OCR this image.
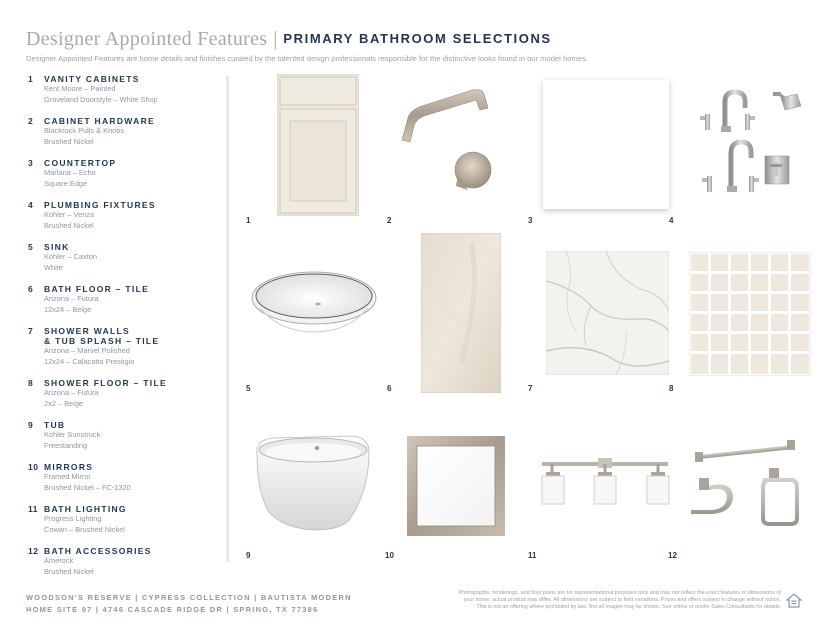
Designer Appointed Features | PRIMARY BATHROOM SELECTIONS
Designer Appointed Features are home details and finishes curated by the talented design professionals responsible for the distinctive looks found in our model homes.
1	VANITY CABINETS
Kent Moore – Painted
Groveland Doorstyle – White Shoji
2	CABINET HARDWARE
Blackrock Pulls & Knobs
Brushed Nickel
3	COUNTERTOP
Marlana – Echo
Square Edge
4	PLUMBING FIXTURES
Kohler – Venza
Brushed Nickel
5	SINK
Kohler – Caxton
White
6	BATH FLOOR – TILE
Arizona – Futura
12x24 – Beige
7	SHOWER WALLS
& TUB SPLASH – TILE
Arizona – Marvel Polished
12x24 – Calacatta Prestigio
8	SHOWER FLOOR – TILE
Arizona – Futura
2x2 – Beige
9	TUB
Kohler Sunstruck
Freestanding
10 MIRRORS
Framed Mirror
Brushed Nickel – FC-1320
11 BATH LIGHTING
Progress Lighting
Cowan – Brushed Nickel
12 BATH ACCESSORIES
Amerock
Brushed Nickel
1	2	3	4
5	6	7	8
9	10	11	12
WOODSON'S RESERVE | CYPRESS COLLECTION | BAUTISTA MODERN
HOME SITE 97 | 4746 CASCADE RIDGE DR | SPRING, TX 77386
Photographs, renderings, and floor plans are for representational purposes only and may not reflect the exact features or dimensions of
your home; actual product may differ. All dimensions are subject to field variations. Prices and offers subject to change without notice.
This is not an offering where prohibited by law. Not all images may be shown. See online or onsite Sales Consultants for details.
